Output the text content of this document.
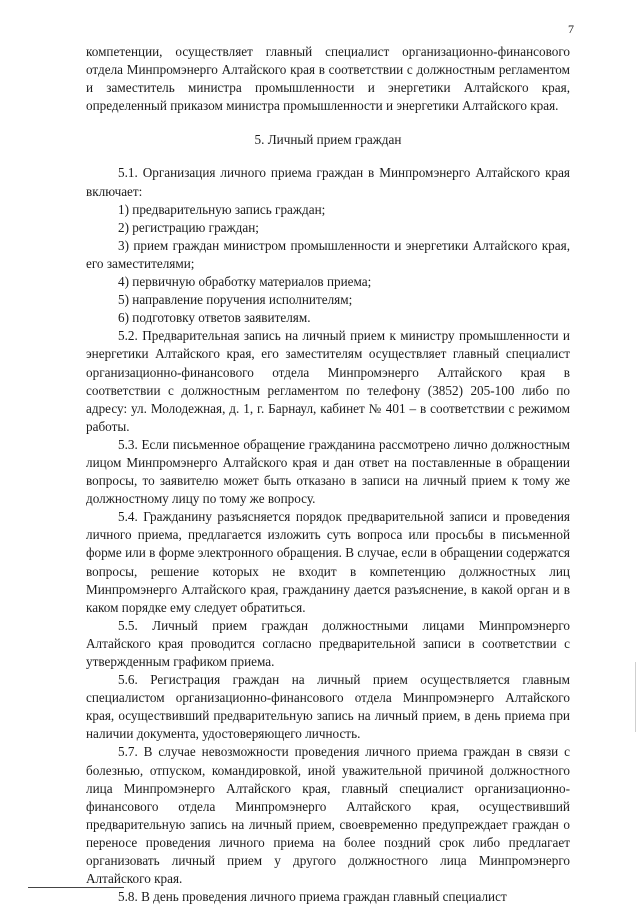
7

компетенции, осуществляет главный специалист организационно-финансового отдела Минпромэнерго Алтайского края в соответствии с должностным регламентом и заместитель министра промышленности и энергетики Алтайского края, определенный приказом министра промышленности и энергетики Алтайского края.

5. Личный прием граждан

5.1. Организация личного приема граждан в Минпромэнерго Алтайского края включает:

1) предварительную запись граждан;

2) регистрацию граждан;

3) прием граждан министром промышленности и энергетики Алтайского края, его заместителями;

4) первичную обработку материалов приема;

5) направление поручения исполнителям;

6) подготовку ответов заявителям.

5.2. Предварительная запись на личный прием к министру промышленности и энергетики Алтайского края, его заместителям осуществляет главный специалист организационно-финансового отдела Минпромэнерго Алтайского края в соответствии с должностным регламентом по телефону (3852) 205-100 либо по адресу: ул. Молодежная, д. 1, г. Барнаул, кабинет № 401 – в соответствии с режимом работы.

5.3. Если письменное обращение гражданина рассмотрено лично должностным лицом Минпромэнерго Алтайского края и дан ответ на поставленные в обращении вопросы, то заявителю может быть отказано в записи на личный прием к тому же должностному лицу по тому же вопросу.

5.4. Гражданину разъясняется порядок предварительной записи и проведения личного приема, предлагается изложить суть вопроса или просьбы в письменной форме или в форме электронного обращения. В случае, если в обращении содержатся вопросы, решение которых не входит в компетенцию должностных лиц Минпромэнерго Алтайского края, гражданину дается разъяснение, в какой орган и в каком порядке ему следует обратиться.

5.5. Личный прием граждан должностными лицами Минпромэнерго Алтайского края проводится согласно предварительной записи в соответствии с утвержденным графиком приема.

5.6. Регистрация граждан на личный прием осуществляется главным специалистом организационно-финансового отдела Минпромэнерго Алтайского края, осуществивший предварительную запись на личный прием, в день приема при наличии документа, удостоверяющего личность.

5.7. В случае невозможности проведения личного приема граждан в связи с болезнью, отпуском, командировкой, иной уважительной причиной должностного лица Минпромэнерго Алтайского края, главный специалист организационно-финансового отдела Минпромэнерго Алтайского края, осуществивший предварительную запись на личный прием, своевременно предупреждает граждан о переносе проведения личного приема на более поздний срок либо предлагает организовать личный прием у другого должностного лица Минпромэнерго Алтайского края.

5.8. В день проведения личного приема граждан главный специалист
